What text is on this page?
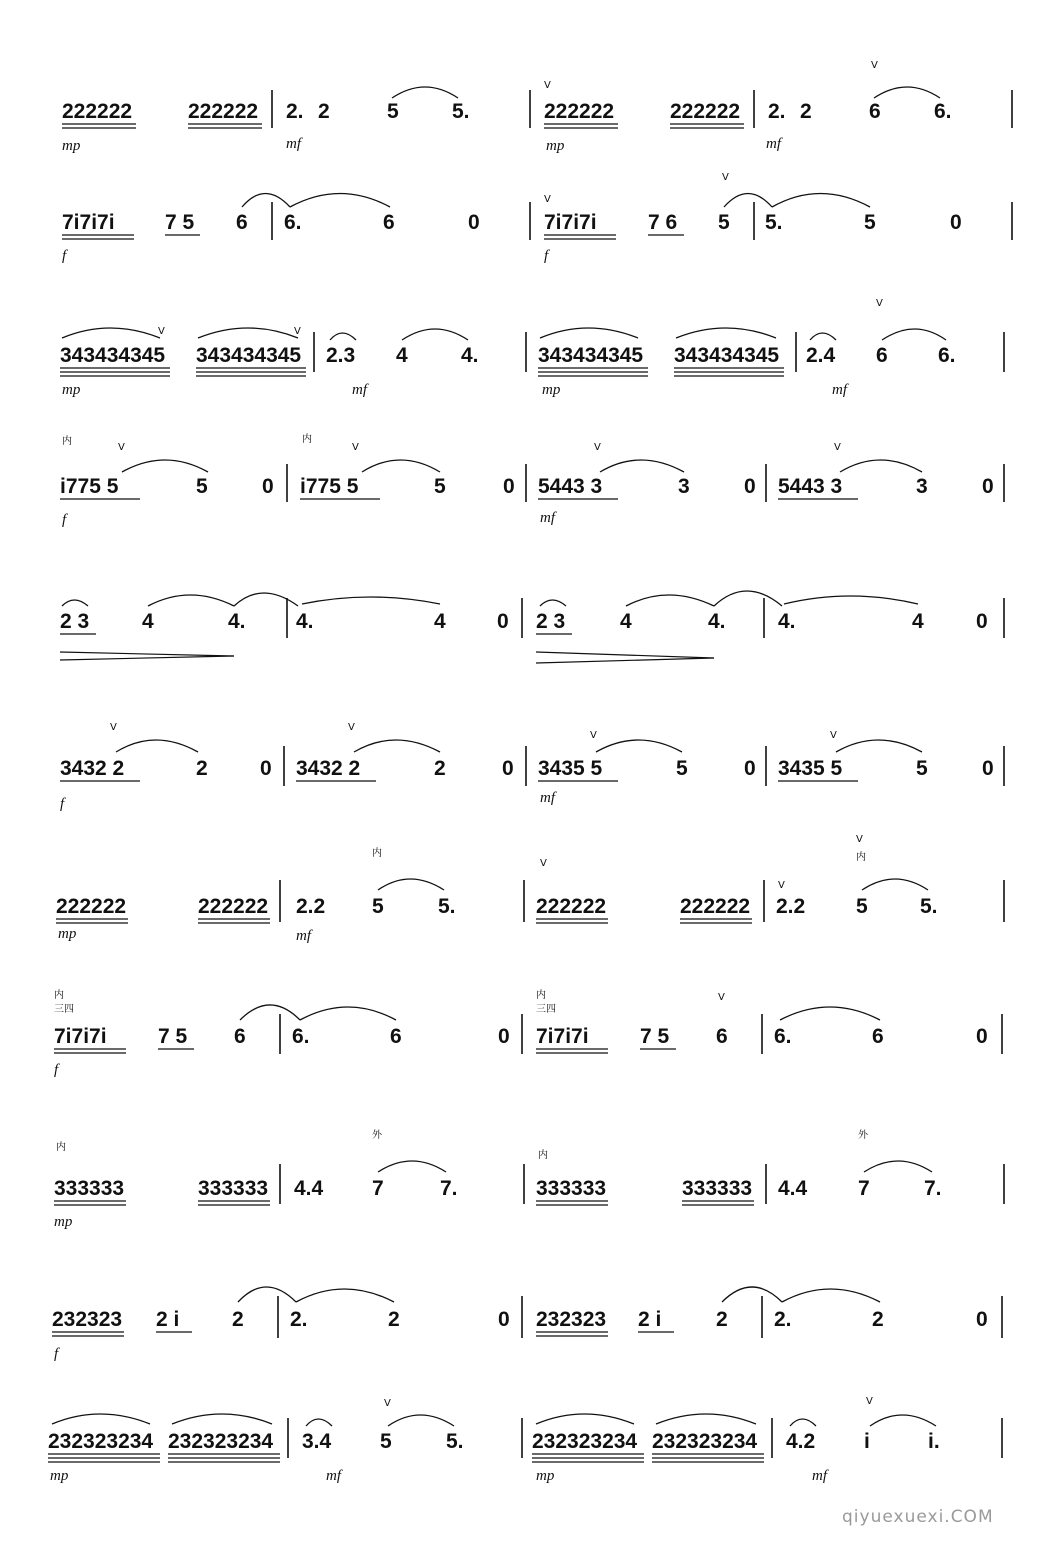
222222	222222 2. 2	5	5.
V
222222	222222 2. 2
V
6	6.
mp	mf	mp	mf
7i7i7i 7 5 6 6.	6	0
V
7i7i7i 7 6
V
5 5.	5	0
f	f
V
343434345
V
343434345 2.3 4	4.	343434345 343434345 2.4
V
6 6.
mp	mf	mp	mf
内
V
i775 5	5	0
内
V
i775 5	5	0
V
5443 3	3	0
V
5443 3	3	0
f	mf
2 3	4	4. 4.	4 0 2 3	4	4. 4.	4 0
V
3432 2	2 0
V
3432 2	2	0
V
3435 5	5	0
V
3435 5	5	0
f	mf
222222	222222 2.2
内
5	5.
V
222222	222222
V
2.2
V
内
5 5.
mp	mf
内
三四
7i7i7i 7 5 6 6.	6	0
内
三四
7i7i7i 7 5
V
6 6.	6	0
f
内
333333	333333 4.4
外
7	7.
内
333333	333333 4.4
外
7	7.
mp
232323 2 i	2 2.	2	0 232323 2 i	2 2.	2	0
f
232323234 232323234 3.4
V
5	5.	232323234 232323234 4.2
V
i	i.
mp	mf	mp	mf
qiyuexuexi.COM
